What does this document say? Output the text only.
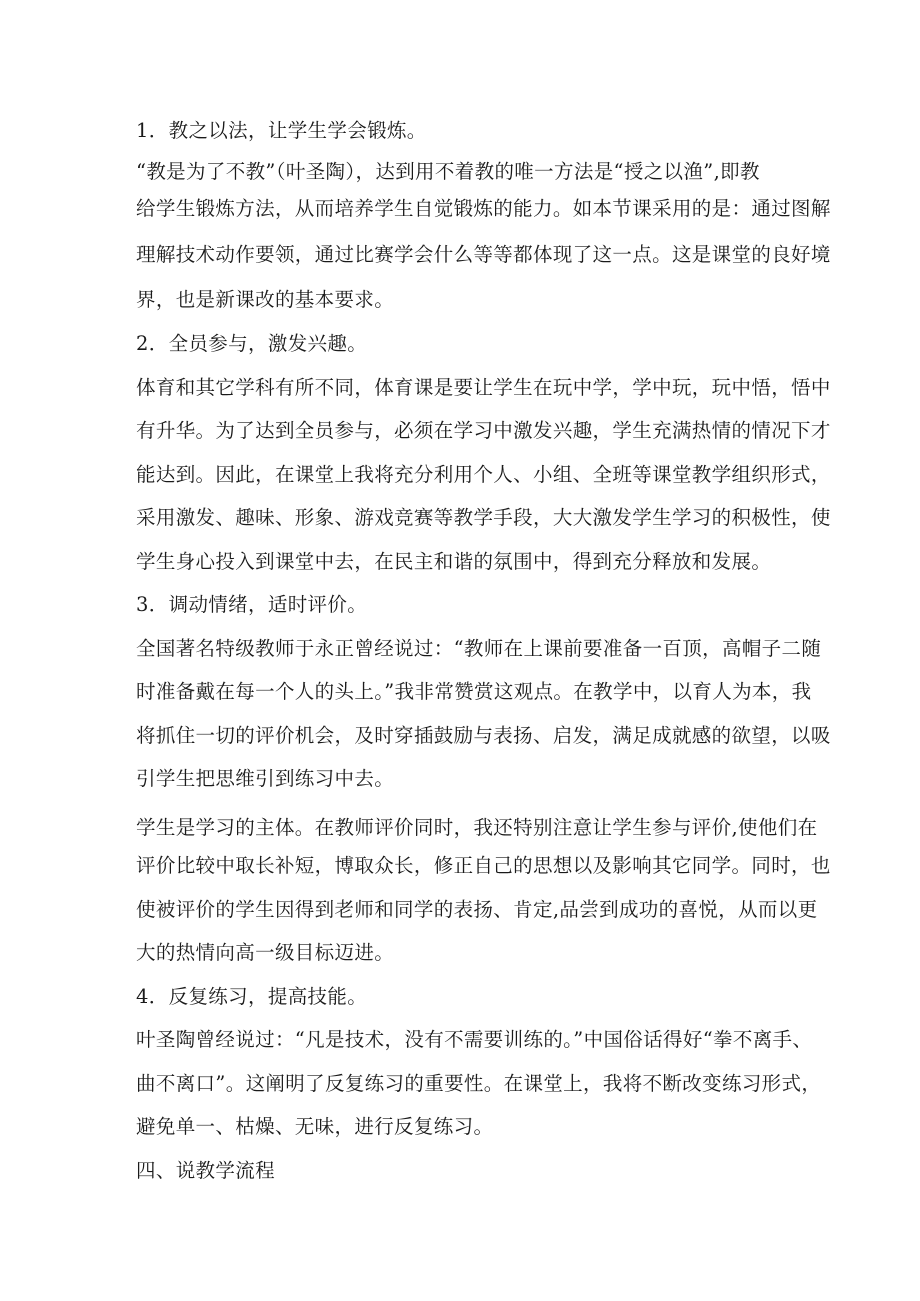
1．教之以法，让学生学会锻炼。
“教是为了不教”（叶圣陶），达到用不着教的唯一方法是“授之以渔”,即教
给学生锻炼方法，从而培养学生自觉锻炼的能力。如本节课采用的是：通过图解
理解技术动作要领，通过比赛学会什么等等都体现了这一点。这是课堂的良好境
界，也是新课改的基本要求。
2．全员参与，激发兴趣。
体育和其它学科有所不同，体育课是要让学生在玩中学，学中玩，玩中悟，悟中
有升华。为了达到全员参与，必须在学习中激发兴趣，学生充满热情的情况下才
能达到。因此，在课堂上我将充分利用个人、小组、全班等课堂教学组织形式，
采用激发、趣味、形象、游戏竞赛等教学手段，大大激发学生学习的积极性，使
学生身心投入到课堂中去，在民主和谐的氛围中，得到充分释放和发展。
3．调动情绪，适时评价。
全国著名特级教师于永正曾经说过：“教师在上课前要准备一百顶，高帽子二随
时准备戴在每一个人的头上。”我非常赞赏这观点。在教学中，以育人为本，我
将抓住一切的评价机会，及时穿插鼓励与表扬、启发，满足成就感的欲望，以吸
引学生把思维引到练习中去。
学生是学习的主体。在教师评价同时，我还特别注意让学生参与评价,使他们在
评价比较中取长补短，博取众长，修正自己的思想以及影响其它同学。同时，也
使被评价的学生因得到老师和同学的表扬、肯定,品尝到成功的喜悦，从而以更
大的热情向高一级目标迈进。
4．反复练习，提高技能。
叶圣陶曾经说过：“凡是技术，没有不需要训练的。”中国俗话得好“拳不离手、
曲不离口”。这阐明了反复练习的重要性。在课堂上，我将不断改变练习形式，
避免单一、枯燥、无味，进行反复练习。
四、说教学流程
